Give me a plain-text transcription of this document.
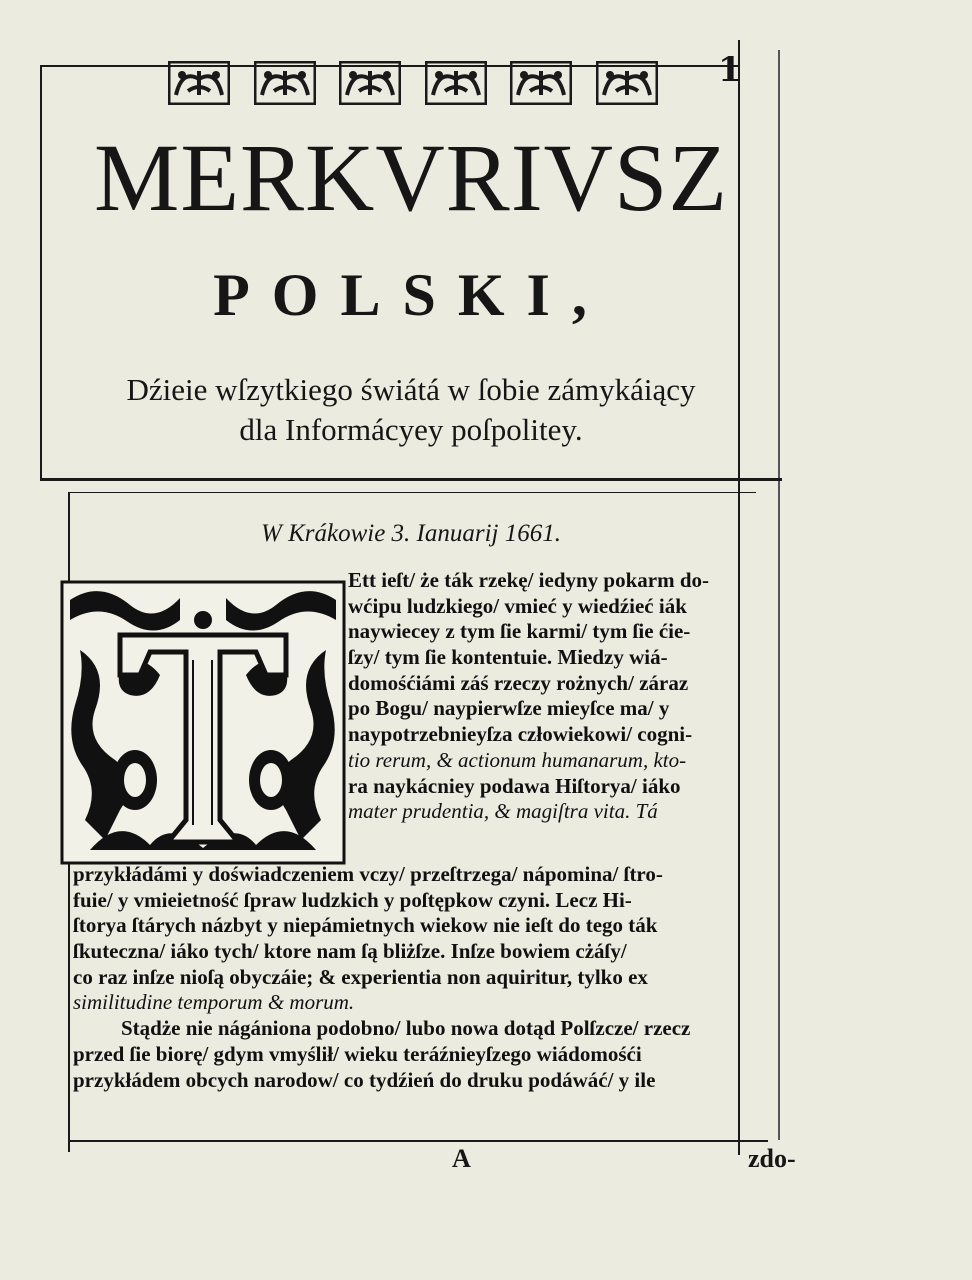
1
MERKVRIVSZ
POLSKI,
Dźieie wſzytkiego świátá w ſobie zámykáiący
dla Informácyey poſpolitey.
W Krákowie 3. Ianuarij 1661.
Ett ieſt/ że ták rzekę/ iedyny pokarm do-
wćipu ludzkiego/ vmieć y wiedźieć iák
naywiecey z tym ſie karmi/ tym ſie ćie-
ſzy/ tym ſie kontentuie. Miedzy wiá-
domośćiámi záś rzeczy rożnych/ záraz
po Bogu/ naypierwſze mieyſce ma/ y
naypotrzebnieyſza człowiekowi/ cogni-
tio rerum, & actionum humanarum, kto-
ra naykácniey podawa Hiſtorya/ iáko
mater prudentia, & magiſtra vita. Tá
przykłádámi y doświadczeniem vczy/ przeſtrzega/ nápomina/ ſtro-
fuie/ y vmieietność ſpraw ludzkich y poſtępkow czyni. Lecz Hi-
ſtorya ſtárych názbyt y niepámietnych wiekow nie ieſt do tego ták
ſkuteczna/ iáko tych/ ktore nam ſą bliżſze. Inſze bowiem cżáſy/
co raz inſze nioſą obyczáie; & experientia non aquiritur, tylko ex
similitudine temporum & morum.
Stądże nie nágániona podobno/ lubo nowa dotąd Polſzcze/ rzecz
przed ſie biorę/ gdym vmyślił/ wieku teráźnieyſzego wiádomośći
przykłádem obcych narodow/ co tydźień do druku podáwáć/ y ile
A	zdo-
